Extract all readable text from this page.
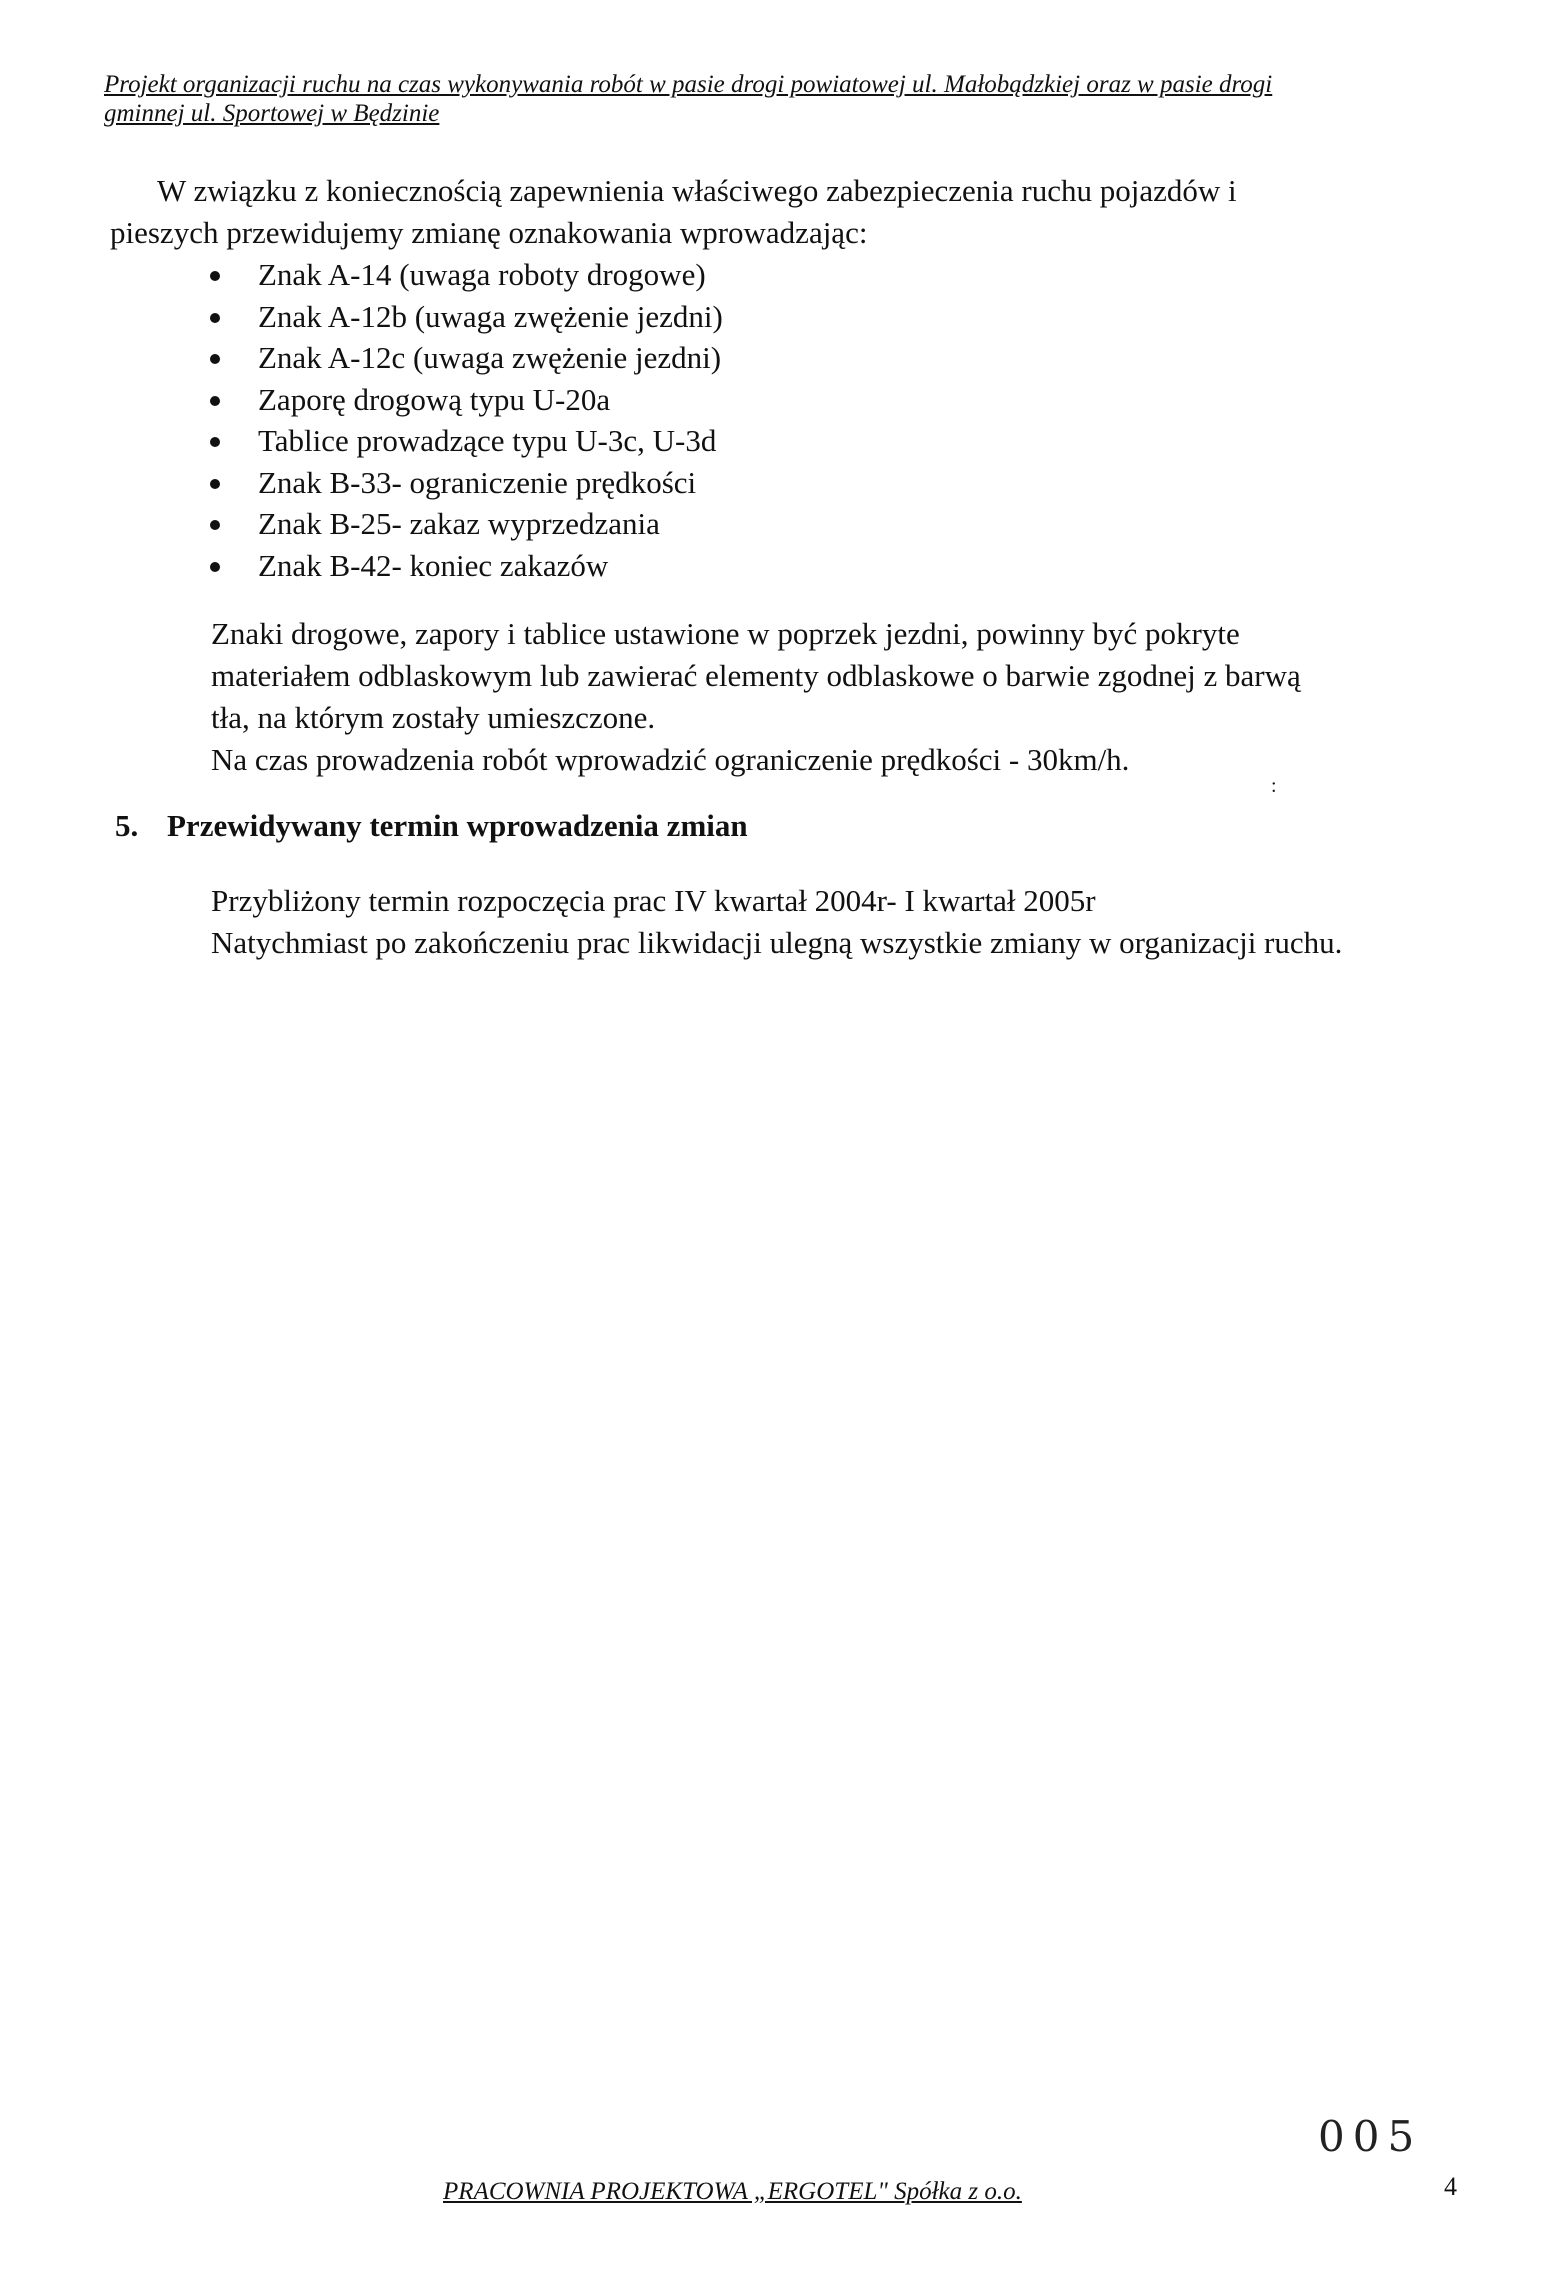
Projekt organizacji ruchu na czas wykonywania robót w pasie drogi powiatowej ul. Małobądzkiej oraz w pasie drogi
gminnej ul. Sportowej w Będzinie
W związku z koniecznością zapewnienia właściwego zabezpieczenia ruchu pojazdów i
pieszych przewidujemy zmianę oznakowania wprowadzając:
Znak A-14 (uwaga roboty drogowe)
Znak A-12b (uwaga zwężenie jezdni)
Znak A-12c (uwaga zwężenie jezdni)
Zaporę drogową typu U-20a
Tablice prowadzące typu U-3c, U-3d
Znak B-33- ograniczenie prędkości
Znak B-25- zakaz wyprzedzania
Znak B-42- koniec zakazów
Znaki drogowe, zapory i tablice ustawione w poprzek jezdni, powinny być pokryte
materiałem odblaskowym lub zawierać elementy odblaskowe o barwie zgodnej z barwą
tła, na którym zostały umieszczone.
Na czas prowadzenia robót wprowadzić ograniczenie prędkości - 30km/h.
:
5. Przewidywany termin wprowadzenia zmian
Przybliżony termin rozpoczęcia prac IV kwartał 2004r- I kwartał 2005r
Natychmiast po zakończeniu prac likwidacji ulegną wszystkie zmiany w organizacji ruchu.
005
PRACOWNIA PROJEKTOWA „ERGOTEL" Spółka z o.o.	4
